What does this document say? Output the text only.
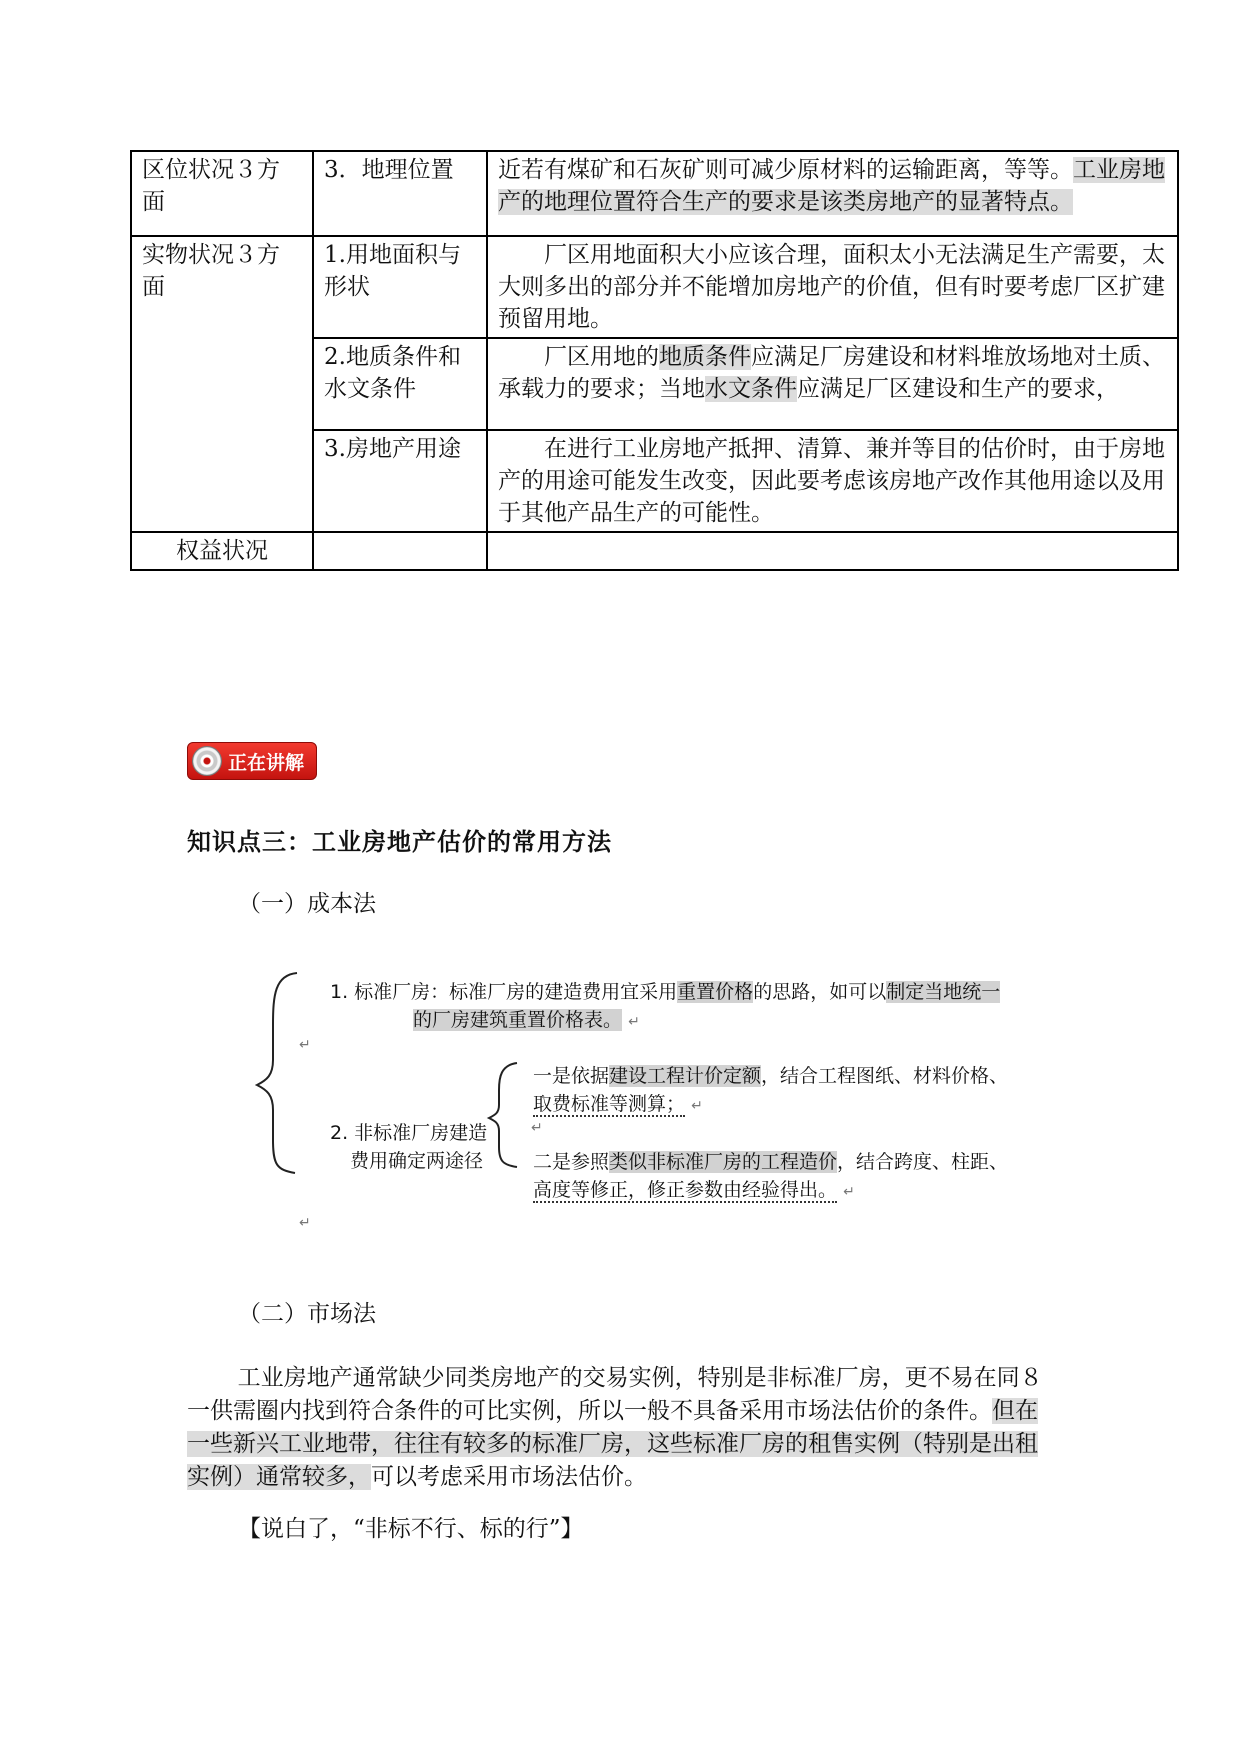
区位状况３方面	3．地理位置	近若有煤矿和石灰矿则可减少原材料的运输距离，等等。工业房地产的地理位置符合生产的要求是该类房地产的显著特点。
实物状况３方面	1.用地面积与形状	厂区用地面积大小应该合理，面积太小无法满足生产需要，太大则多出的部分并不能增加房地产的价值，但有时要考虑厂区扩建预留用地。
	2.地质条件和水文条件	厂区用地的地质条件应满足厂房建设和材料堆放场地对土质、承载力的要求；当地水文条件应满足厂区建设和生产的要求，
	3.房地产用途	在进行工业房地产抵押、清算、兼并等目的估价时，由于房地产的用途可能发生改变，因此要考虑该房地产改作其他用途以及用于其他产品生产的可能性。
权益状况		
正在讲解
知识点三：工业房地产估价的常用方法
（一）成本法
1. 标准厂房：标准厂房的建造费用宜采用重置价格的思路，如可以制定当地统一
的厂房建筑重置价格表。 ↵
↵
2. 非标准厂房建造
费用确定两途径
一是依据建设工程计价定额，结合工程图纸、材料价格、
取费标准等测算； ↵
↵
二是参照类似非标准厂房的工程造价，结合跨度、柱距、
高度等修正，修正参数由经验得出。 ↵
↵
（二）市场法

工业房地产通常缺少同类房地产的交易实例，特别是非标准厂房，更不易在同８一供需圈内找到符合条件的可比实例，所以一般不具备采用市场法估价的条件。但在一些新兴工业地带，往往有较多的标准厂房，这些标准厂房的租售实例（特别是出租实例）通常较多，可以考虑采用市场法估价。

【说白了，“非标不行、标的行”】
